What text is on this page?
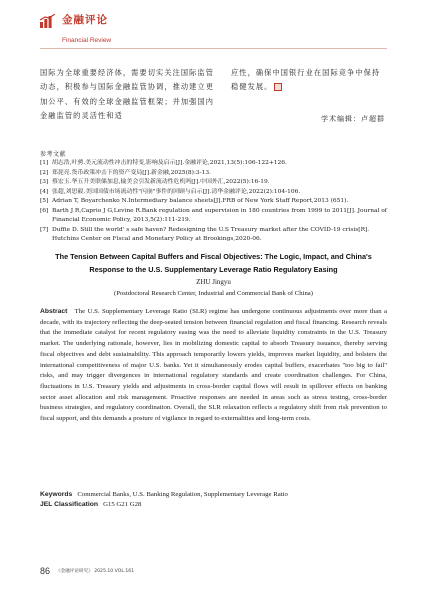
金融评论
Financial Review
国际为全球重要经济体，需要切实关注国际监管动态，积极参与国际金融监管协调，推动建立更加公平、有效的全球金融监管框架；并加强国内金融监管的灵活性和适
应性，确保中国银行业在国际竞争中保持稳健发展。
学术编辑：卢超群
参考文献
[1] 胡志浩,叶骋.美元流动性冲击的特变,影响及启示[J].金融评论,2021,13(5):106-122+126.
[2] 郑琵亮.货币政策冲击下的资产变局[J].新金融,2025(8):3-13.
[3] 蔡宏玉.华五升美联储加息,输美会引发新流动性危机吗[J].中国外汇,2022(5):16-19.
[4] 张超,刘思毅.美国国债市场流动性"闪崩"事件的回顾与启示[J].清华金融评论,2022(2):104-106.
[5] Adrian T, Boyarchenko N.Intermediary balance sheets[J].FRB of New York Staff Report,2013 (651).
[6] Barth J R,Caprio J G,Levine R.Bank regulation and supervision in 180 countries from 1999 to 2011[J]. Journal of Financial Economic Policy, 2013,5(2):111-219.
[7] Duffie D. Still the world' s safe haven? Redesigning the U.S Treasury market after the COVID-19 crisis[R]. Hutchins Center on Fiscal and Monetary Policy at Brookings,2020-06.
The Tension Between Capital Buffers and Fiscal Objectives: The Logic, Impact, and China's Response to the U.S. Supplementary Leverage Ratio Regulatory Easing
ZHU Jingyu
(Postdoctoral Research Center, Industrial and Commercial Bank of China)
Abstract The U.S. Supplementary Leverage Ratio (SLR) regime has undergone continuous adjustments over more than a decade, with its trajectory reflecting the deep-seated tension between financial regulation and fiscal financing. Research reveals that the immediate catalyst for recent regulatory easing was the need to alleviate liquidity constraints in the U.S. Treasury market. The underlying rationale, however, lies in mobilizing domestic capital to absorb Treasury issuance, thereby serving fiscal objectives and debt sustainability. This approach temporarily lowers yields, improves market liquidity, and bolsters the international competitiveness of major U.S. banks. Yet it simultaneously erodes capital buffers, exacerbates "too big to fail" risks, and may trigger divergences in international regulatory standards and create coordination challenges. For China, fluctuations in U.S. Treasury yields and adjustments in cross-border capital flows will result in spillover effects on banking sector asset allocation and risk management. Proactive responses are needed in areas such as stress testing, cross-border business strategies, and regulatory coordination. Overall, the SLR relaxation reflects a regulatory shift from risk prevention to fiscal support, and this demands a posture of vigilance in regard to externalities and long-term costs.
Keywords Commercial Banks, U.S. Banking Regulation, Supplementary Leverage Ratio
JEL Classification G15 G21 G28
86 《金融评论研究》 2025.10 VOL.161
